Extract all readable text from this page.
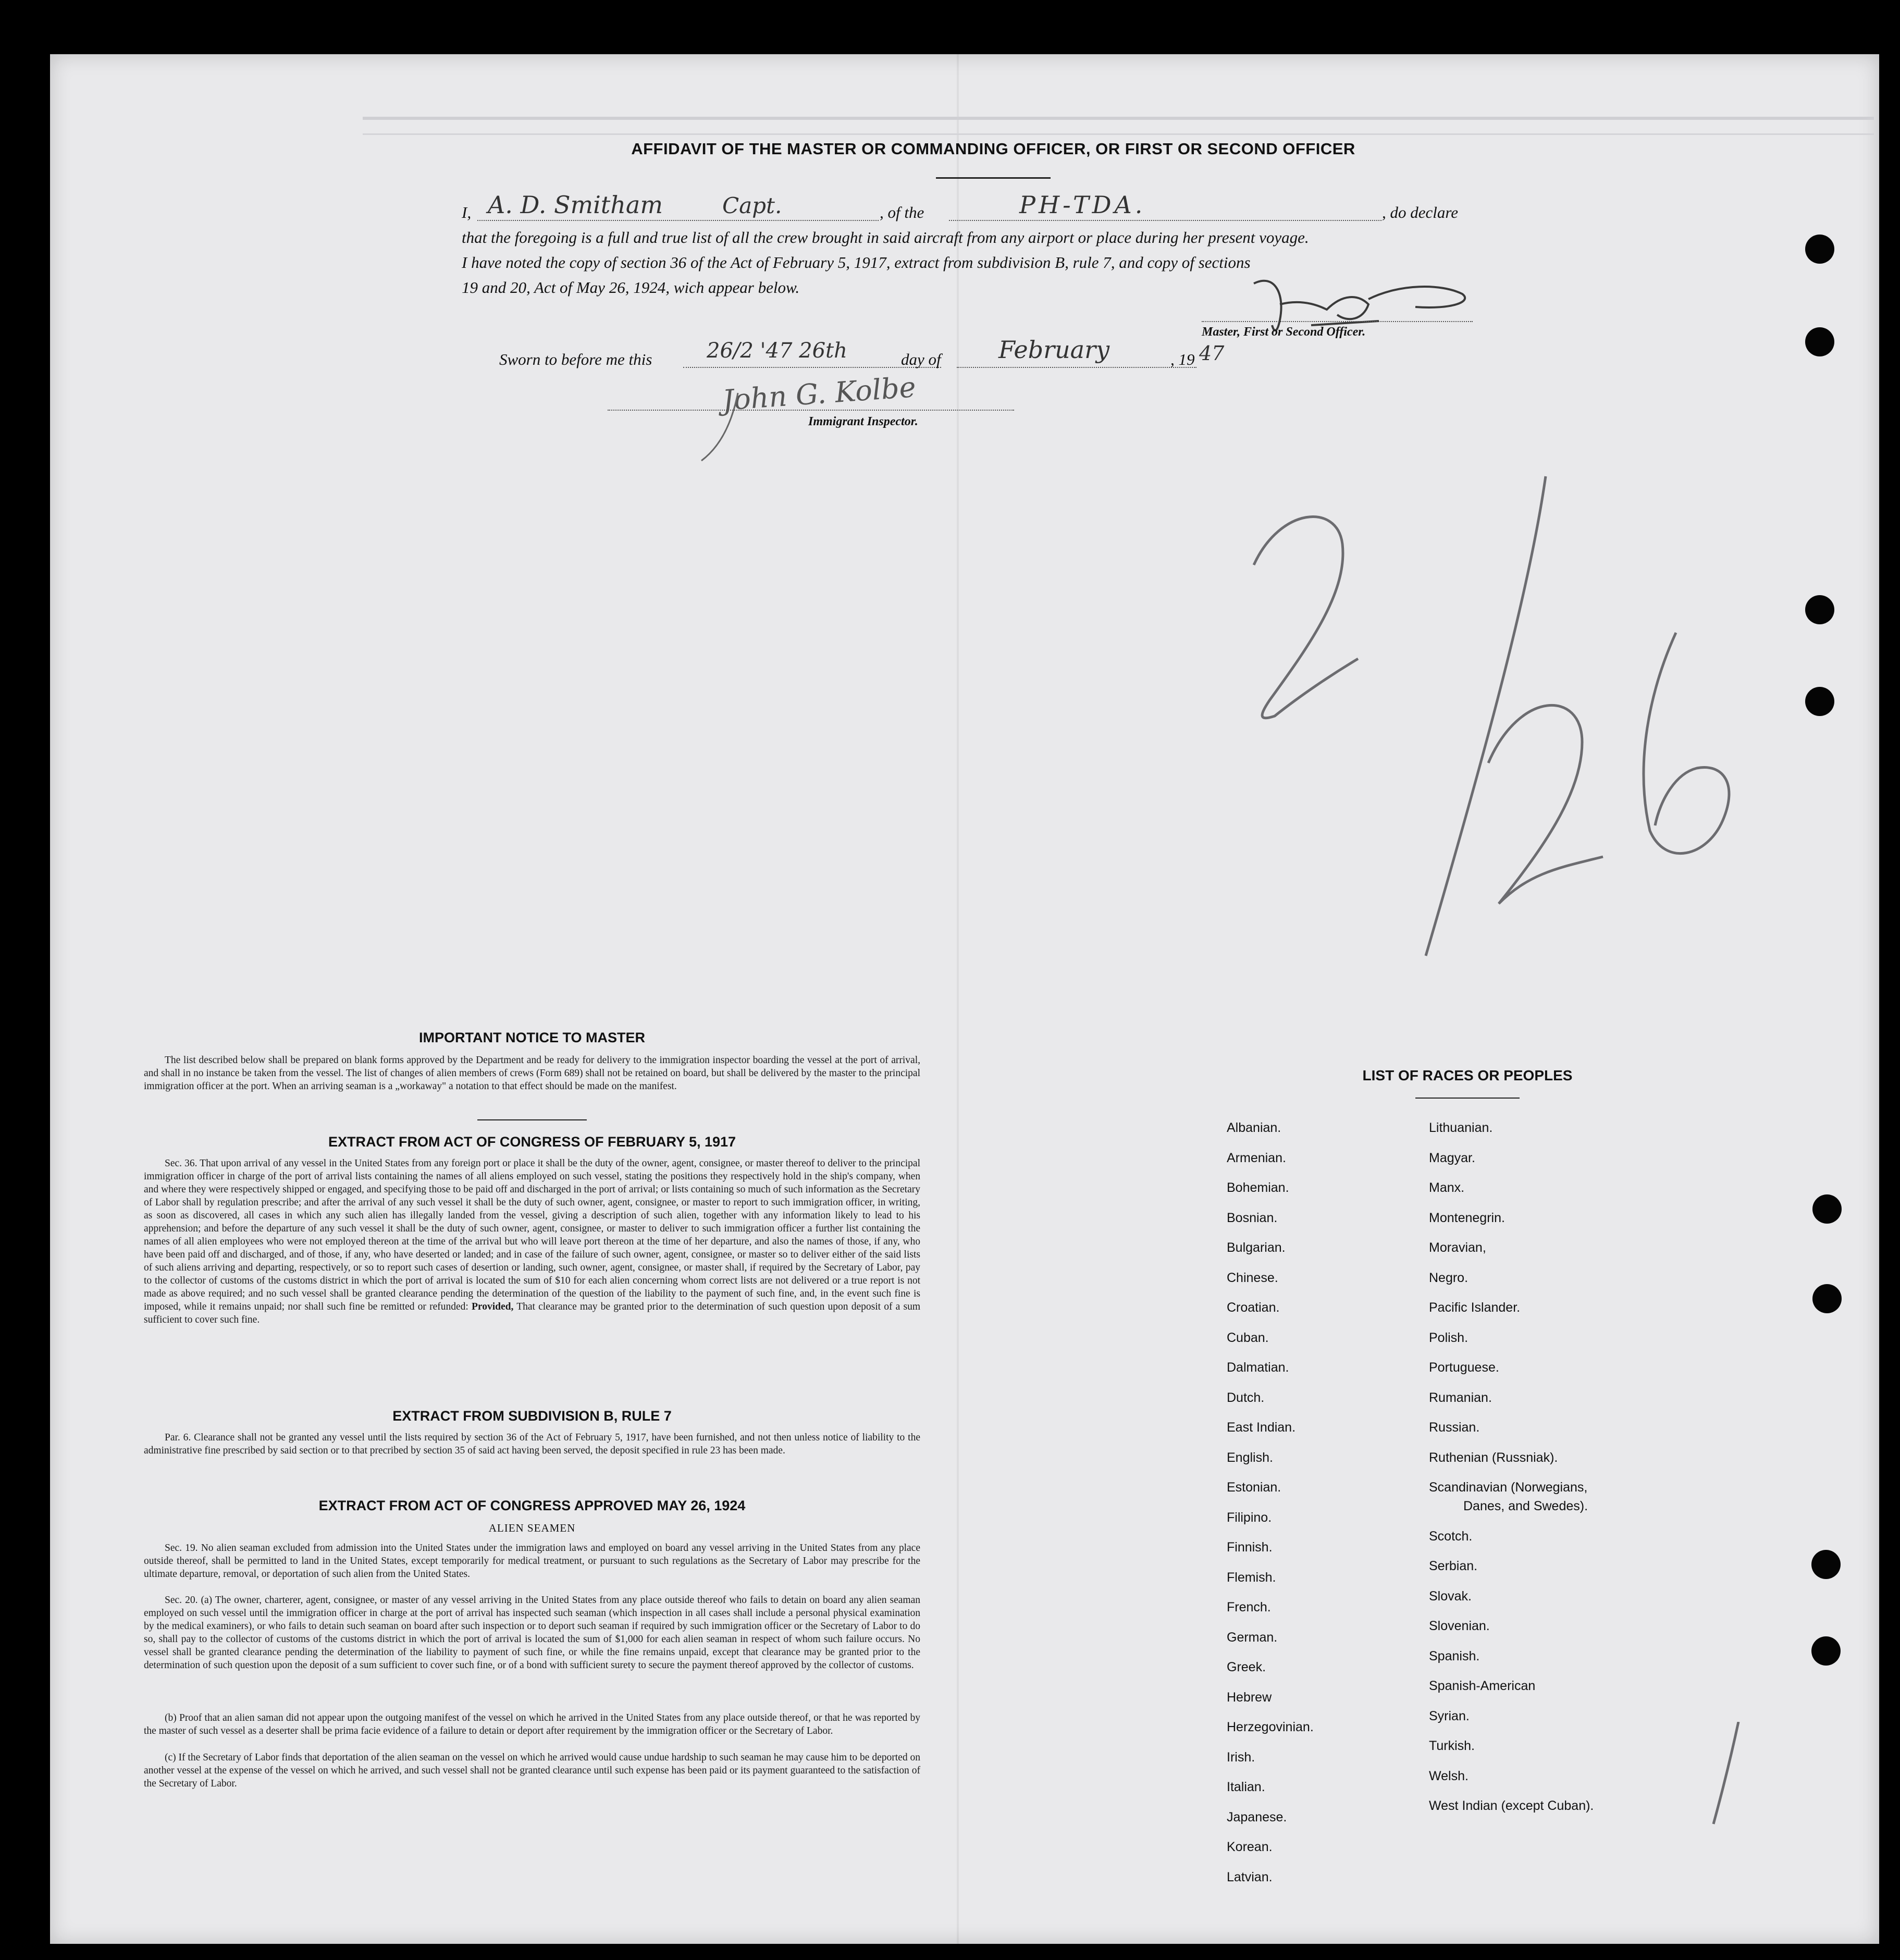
AFFIDAVIT OF THE MASTER OR COMMANDING OFFICER, OR FIRST OR SECOND OFFICER
I, A. D. Smitham	Capt.	, of the	PH-TDA.	, do declare
that the foregoing is a full and true list of all the crew brought in said aircraft from any airport or place during her present voyage.
I have noted the copy of section 36 of the Act of February 5, 1917, extract from subdivision B, rule 7, and copy of sections
19 and 20, Act of May 26, 1924, wich appear below.
Master, First or Second Officer.
Sworn to before me this	26/2 '47 26th	day of February	, 19 47
John G. Kolbe
Immigrant Inspector.
IMPORTANT NOTICE TO MASTER
The list described below shall be prepared on blank forms approved by the Department and be ready for delivery to the immigration inspector boarding the vessel at the port of arrival, and shall in no instance be taken from the vessel. The list of changes of alien members of crews (Form 689) shall not be retained on board, but shall be delivered by the master to the principal immigration officer at the port. When an arriving seaman is a „workaway" a notation to that effect should be made on the manifest.
EXTRACT FROM ACT OF CONGRESS OF FEBRUARY 5, 1917
Sec. 36. That upon arrival of any vessel in the United States from any foreign port or place it shall be the duty of the owner, agent, consignee, or master thereof to deliver to the principal immigration officer in charge of the port of arrival lists containing the names of all aliens employed on such vessel, stating the positions they respectively hold in the ship's company, when and where they were respectively shipped or engaged, and specifying those to be paid off and discharged in the port of arrival; or lists containing so much of such information as the Secretary of Labor shall by regulation prescribe; and after the arrival of any such vessel it shall be the duty of such owner, agent, consignee, or master to report to such immigration officer, in writing, as soon as discovered, all cases in which any such alien has illegally landed from the vessel, giving a description of such alien, together with any information likely to lead to his apprehension; and before the departure of any such vessel it shall be the duty of such owner, agent, consignee, or master to deliver to such immigration officer a further list containing the names of all alien employees who were not employed thereon at the time of the arrival but who will leave port thereon at the time of her departure, and also the names of those, if any, who have been paid off and discharged, and of those, if any, who have deserted or landed; and in case of the failure of such owner, agent, consignee, or master so to deliver either of the said lists of such aliens arriving and departing, respectively, or so to report such cases of desertion or landing, such owner, agent, consignee, or master shall, if required by the Secretary of Labor, pay to the collector of customs of the customs district in which the port of arrival is located the sum of $10 for each alien concerning whom correct lists are not delivered or a true report is not made as above required; and no such vessel shall be granted clearance pending the determination of the question of the liability to the payment of such fine, and, in the event such fine is imposed, while it remains unpaid; nor shall such fine be remitted or refunded: Provided, That clearance may be granted prior to the determination of such question upon deposit of a sum sufficient to cover such fine.
EXTRACT FROM SUBDIVISION B, RULE 7
Par. 6. Clearance shall not be granted any vessel until the lists required by section 36 of the Act of February 5, 1917, have been furnished, and not then unless notice of liability to the administrative fine prescribed by said section or to that precribed by section 35 of said act having been served, the deposit specified in rule 23 has been made.
EXTRACT FROM ACT OF CONGRESS APPROVED MAY 26, 1924
ALIEN SEAMEN
Sec. 19. No alien seaman excluded from admission into the United States under the immigration laws and employed on board any vessel arriving in the United States from any place outside thereof, shall be permitted to land in the United States, except temporarily for medical treatment, or pursuant to such regulations as the Secretary of Labor may prescribe for the ultimate departure, removal, or deportation of such alien from the United States.
Sec. 20. (a) The owner, charterer, agent, consignee, or master of any vessel arriving in the United States from any place outside thereof who fails to detain on board any alien seaman employed on such vessel until the immigration officer in charge at the port of arrival has inspected such seaman (which inspection in all cases shall include a personal physical examination by the medical examiners), or who fails to detain such seaman on board after such inspection or to deport such seaman if required by such immigration officer or the Secretary of Labor to do so, shall pay to the collector of customs of the customs district in which the port of arrival is located the sum of $1,000 for each alien seaman in respect of whom such failure occurs. No vessel shall be granted clearance pending the determination of the liability to payment of such fine, or while the fine remains unpaid, except that clearance may be granted prior to the determination of such question upon the deposit of a sum sufficient to cover such fine, or of a bond with sufficient surety to secure the payment thereof approved by the collector of customs.
(b) Proof that an alien saman did not appear upon the outgoing manifest of the vessel on which he arrived in the United States from any place outside thereof, or that he was reported by the master of such vessel as a deserter shall be prima facie evidence of a failure to detain or deport after requirement by the immigration officer or the Secretary of Labor.
(c) If the Secretary of Labor finds that deportation of the alien seaman on the vessel on which he arrived would cause undue hardship to such seaman he may cause him to be deported on another vessel at the expense of the vessel on which he arrived, and such vessel shall not be granted clearance until such expense has been paid or its payment guaranteed to the satisfaction of the Secretary of Labor.
LIST OF RACES OR PEOPLES
Albanian.
Armenian.
Bohemian.
Bosnian.
Bulgarian.
Chinese.
Croatian.
Cuban.
Dalmatian.
Dutch.
East Indian.
English.
Estonian.
Filipino.
Finnish.
Flemish.
French.
German.
Greek.
Hebrew
Herzegovinian.
Irish.
Italian.
Japanese.
Korean.
Latvian.
Lithuanian.
Magyar.
Manx.
Montenegrin.
Moravian,
Negro.
Pacific Islander.
Polish.
Portuguese.
Rumanian.
Russian.
Ruthenian (Russniak).
Scandinavian (Norwegians,
Danes, and Swedes).
Scotch.
Serbian.
Slovak.
Slovenian.
Spanish.
Spanish-American
Syrian.
Turkish.
Welsh.
West Indian (except Cuban).
